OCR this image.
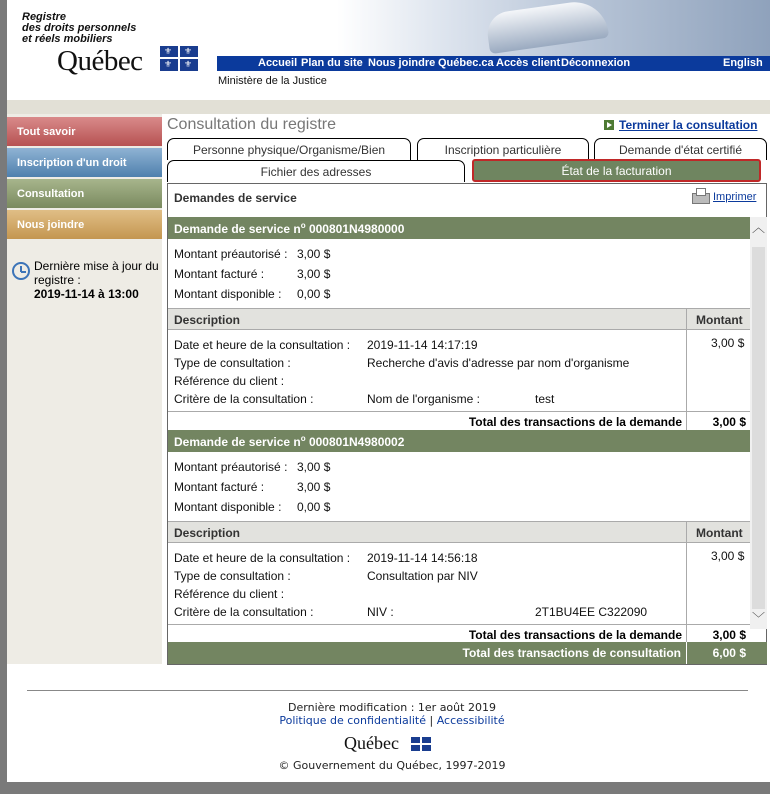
Registre
des droits personnels
et réels mobiliers
Québec ⚜ ⚜
⚜ ⚜	Accueil Plan du site Nous joindre Québec.ca Accès client Déconnexion	English
Ministère de la Justice
Tout savoir
Inscription d'un droit
Consultation
Nous joindre
Dernière mise à jour du registre :
2019-11-14 à 13:00
Consultation du registre	Terminer la consultation
Personne physique/Organisme/Bien	Inscription particulière	Demande d'état certifié
Fichier des adresses	État de la facturation
Demandes de service	Imprimer
Demande de service $n^o$ 000801N4980000
Montant préautorisé : 3,00 $
Montant facturé :	3,00 $
Montant disponible : 0,00 $
Description	Montant
Date et heure de la consultation : 2019-11-14 14:17:19	3,00 $
Type de consultation :	Recherche d'avis d'adresse par nom d'organisme
Référence du client :
Critère de la consultation :	Nom de l'organisme :	test
Total des transactions de la demande	3,00 $
Demande de service $n^o$ 000801N4980002
Montant préautorisé : 3,00 $
Montant facturé :	3,00 $
Montant disponible : 0,00 $
Description	Montant
Date et heure de la consultation : 2019-11-14 14:56:18	3,00 $
Type de consultation :	Consultation par NIV
Référence du client :
Critère de la consultation :	NIV :	2T1BU4EE C322090
Total des transactions de la demande	3,00 $
︿
﹀
Total des transactions de consultation	6,00 $
Dernière modification : 1er août 2019
Politique de confidentialité | Accessibilité
Québec
© Gouvernement du Québec, 1997-2019
